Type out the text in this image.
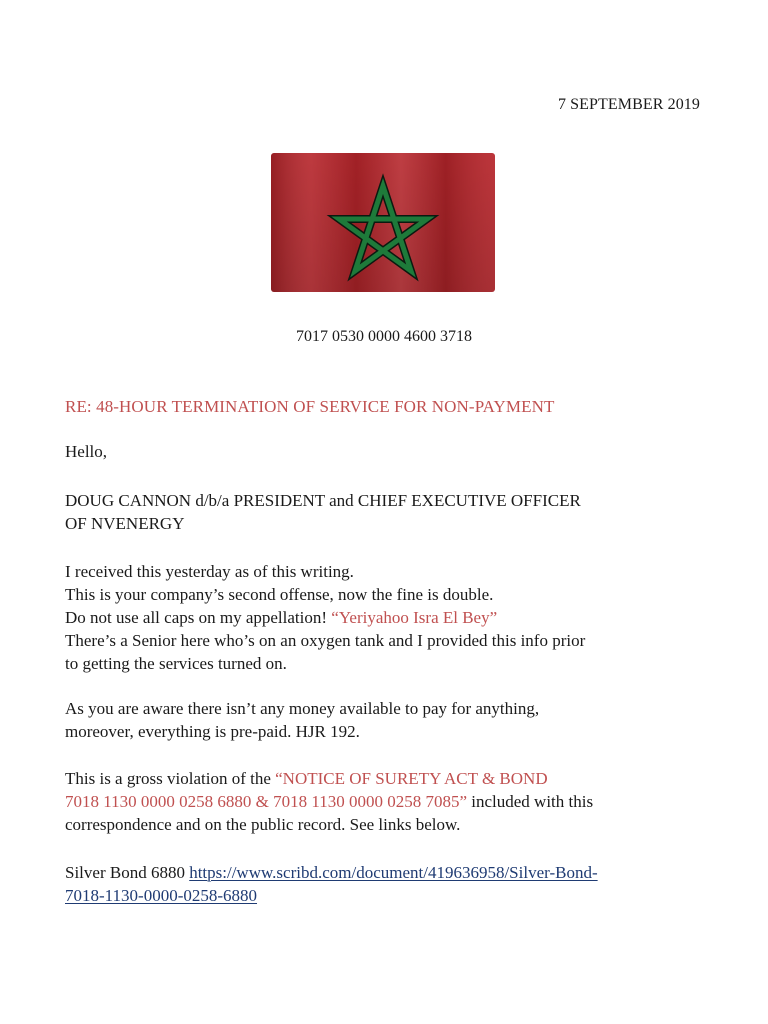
7 SEPTEMBER 2019
7017 0530 0000 4600 3718
RE: 48-HOUR TERMINATION OF SERVICE FOR NON-PAYMENT
Hello,
DOUG CANNON d/b/a PRESIDENT and CHIEF EXECUTIVE OFFICER
OF NVENERGY
I received this yesterday as of this writing.
This is your company’s second offense, now the fine is double.
Do not use all caps on my appellation! “Yeriyahoo Isra El Bey”
There’s a Senior here who’s on an oxygen tank and I provided this info prior
to getting the services turned on.
As you are aware there isn’t any money available to pay for anything,
moreover, everything is pre-paid. HJR 192.
This is a gross violation of the “NOTICE OF SURETY ACT & BOND
7018 1130 0000 0258 6880 & 7018 1130 0000 0258 7085” included with this
correspondence and on the public record. See links below.
Silver Bond 6880 https://www.scribd.com/document/419636958/Silver-Bond-
7018-1130-0000-0258-6880
